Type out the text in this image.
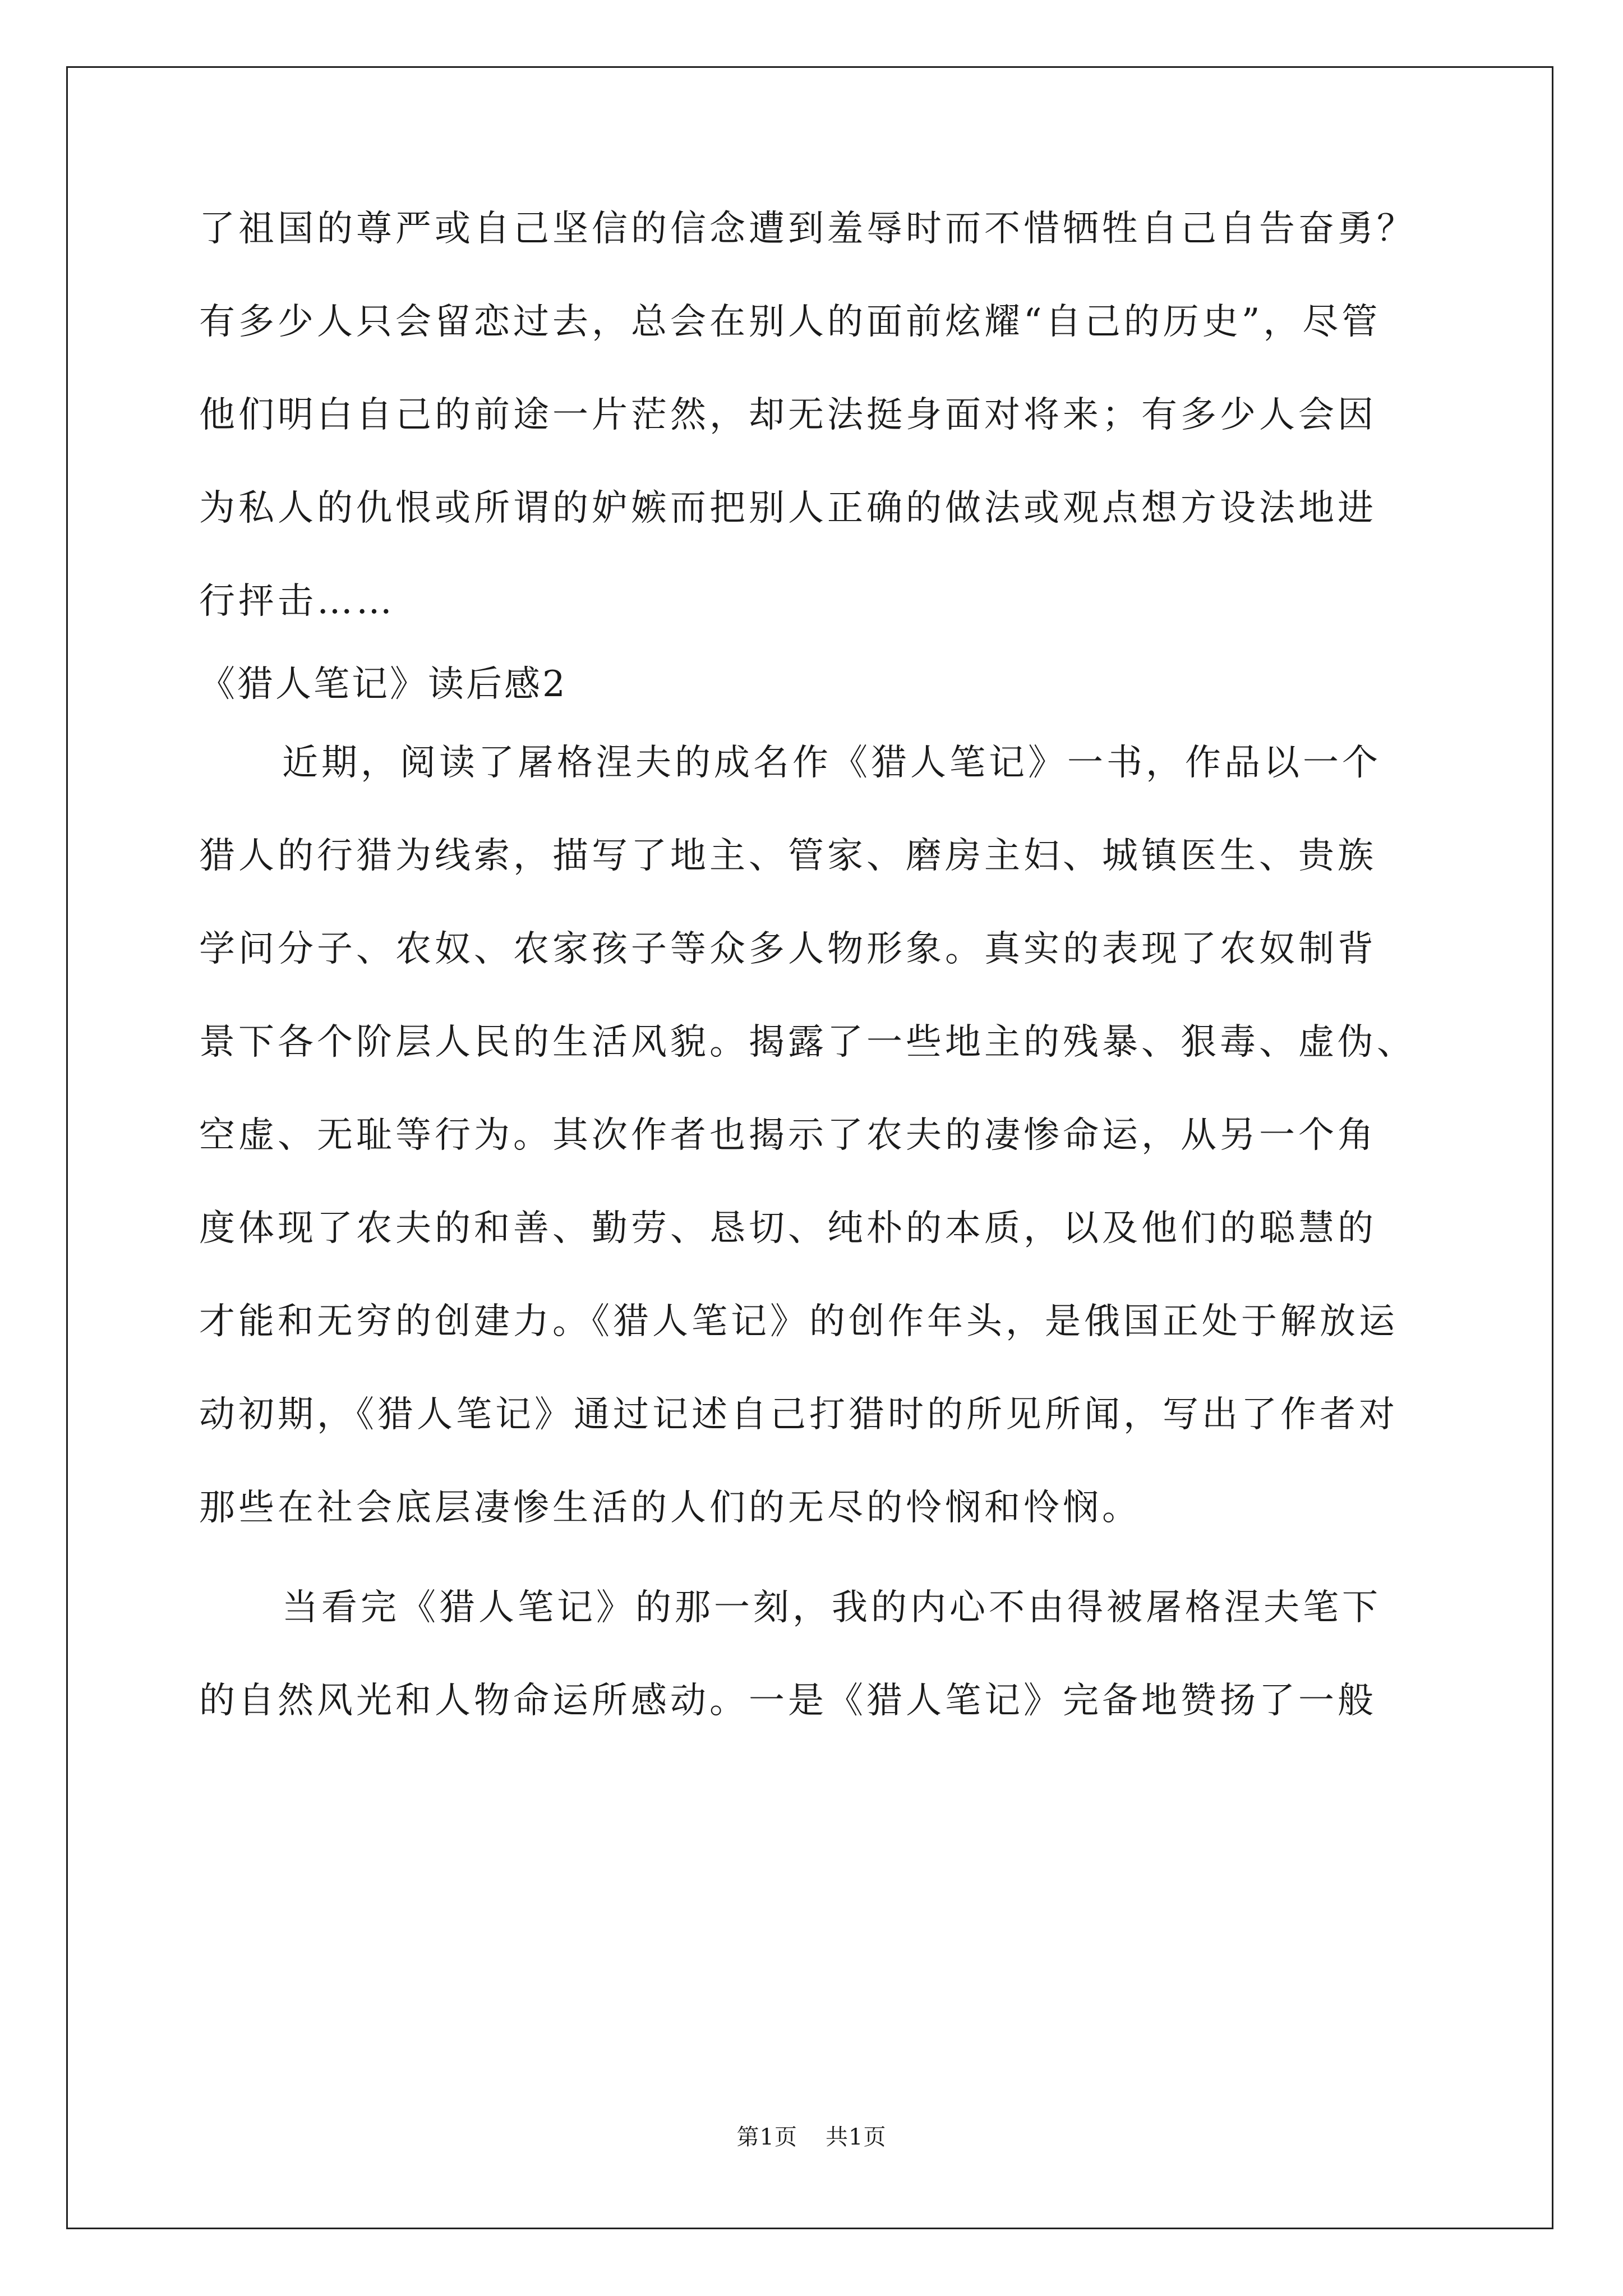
了祖国的尊严或自己坚信的信念遭到羞辱时而不惜牺牲自己自告奋勇？
有多少人只会留恋过去，总会在别人的面前炫耀“自己的历史”，尽管
他们明白自己的前途一片茫然，却无法挺身面对将来；有多少人会因
为私人的仇恨或所谓的妒嫉而把别人正确的做法或观点想方设法地进
行抨击……
《猎人笔记》读后感2
近期，阅读了屠格涅夫的成名作《猎人笔记》一书，作品以一个
猎人的行猎为线索，描写了地主、管家、磨房主妇、城镇医生、贵族
学问分子、农奴、农家孩子等众多人物形象。真实的表现了农奴制背
景下各个阶层人民的生活风貌。揭露了一些地主的残暴、狠毒、虚伪、
空虚、无耻等行为。其次作者也揭示了农夫的凄惨命运，从另一个角
度体现了农夫的和善、勤劳、恳切、纯朴的本质，以及他们的聪慧的
才能和无穷的创建力。《猎人笔记》的创作年头，是俄国正处于解放运
动初期，《猎人笔记》通过记述自己打猎时的所见所闻，写出了作者对
那些在社会底层凄惨生活的人们的无尽的怜悯和怜悯。
当看完《猎人笔记》的那一刻，我的内心不由得被屠格涅夫笔下
的自然风光和人物命运所感动。一是《猎人笔记》完备地赞扬了一般
第1页 共1页
